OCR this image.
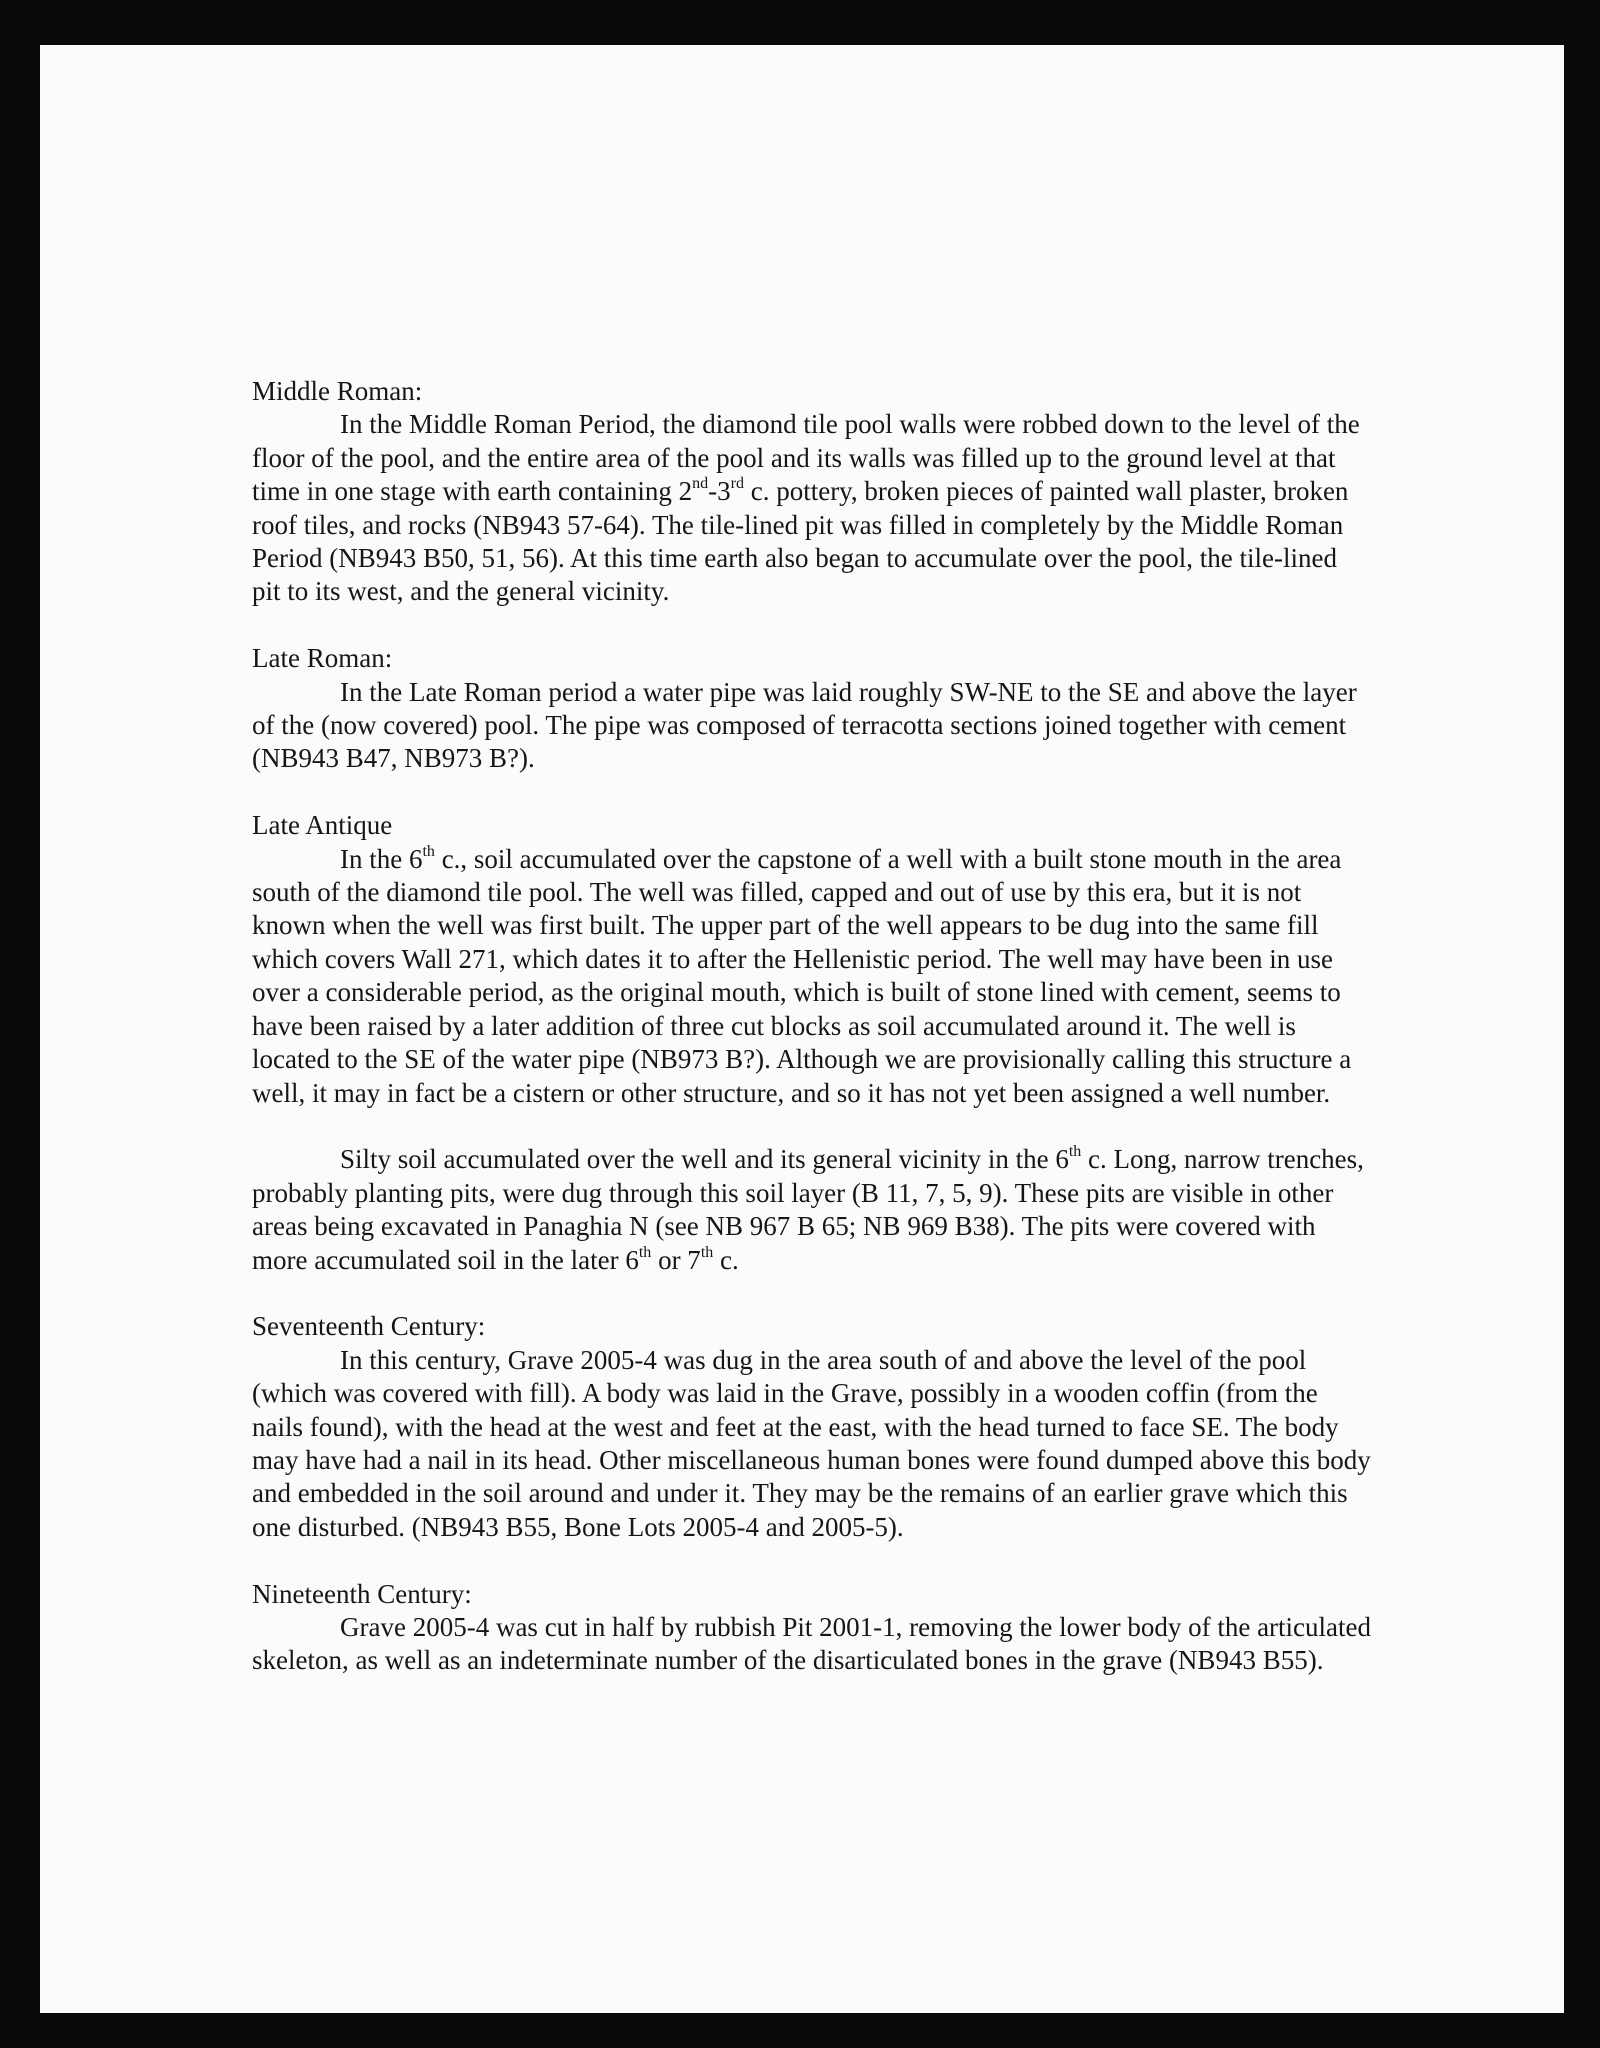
Middle Roman:

In the Middle Roman Period, the diamond tile pool walls were robbed down to the level of the floor of the pool, and the entire area of the pool and its walls was filled up to the ground level at that time in one stage with earth containing 2nd-3rd c. pottery, broken pieces of painted wall plaster, broken roof tiles, and rocks (NB943 57-64). The tile-lined pit was filled in completely by the Middle Roman Period (NB943 B50, 51, 56). At this time earth also began to accumulate over the pool, the tile-lined pit to its west, and the general vicinity.

Late Roman:

In the Late Roman period a water pipe was laid roughly SW-NE to the SE and above the layer of the (now covered) pool. The pipe was composed of terracotta sections joined together with cement (NB943 B47, NB973 B?).

Late Antique

In the 6th c., soil accumulated over the capstone of a well with a built stone mouth in the area south of the diamond tile pool. The well was filled, capped and out of use by this era, but it is not known when the well was first built. The upper part of the well appears to be dug into the same fill which covers Wall 271, which dates it to after the Hellenistic period. The well may have been in use over a considerable period, as the original mouth, which is built of stone lined with cement, seems to have been raised by a later addition of three cut blocks as soil accumulated around it. The well is located to the SE of the water pipe (NB973 B?). Although we are provisionally calling this structure a well, it may in fact be a cistern or other structure, and so it has not yet been assigned a well number.

Silty soil accumulated over the well and its general vicinity in the 6th c. Long, narrow trenches, probably planting pits, were dug through this soil layer (B 11, 7, 5, 9). These pits are visible in other areas being excavated in Panaghia N (see NB 967 B 65; NB 969 B38). The pits were covered with more accumulated soil in the later 6th or 7th c.

Seventeenth Century:

In this century, Grave 2005-4 was dug in the area south of and above the level of the pool (which was covered with fill). A body was laid in the Grave, possibly in a wooden coffin (from the nails found), with the head at the west and feet at the east, with the head turned to face SE. The body may have had a nail in its head. Other miscellaneous human bones were found dumped above this body and embedded in the soil around and under it. They may be the remains of an earlier grave which this one disturbed. (NB943 B55, Bone Lots 2005-4 and 2005-5).

Nineteenth Century:

Grave 2005-4 was cut in half by rubbish Pit 2001-1, removing the lower body of the articulated skeleton, as well as an indeterminate number of the disarticulated bones in the grave (NB943 B55).
